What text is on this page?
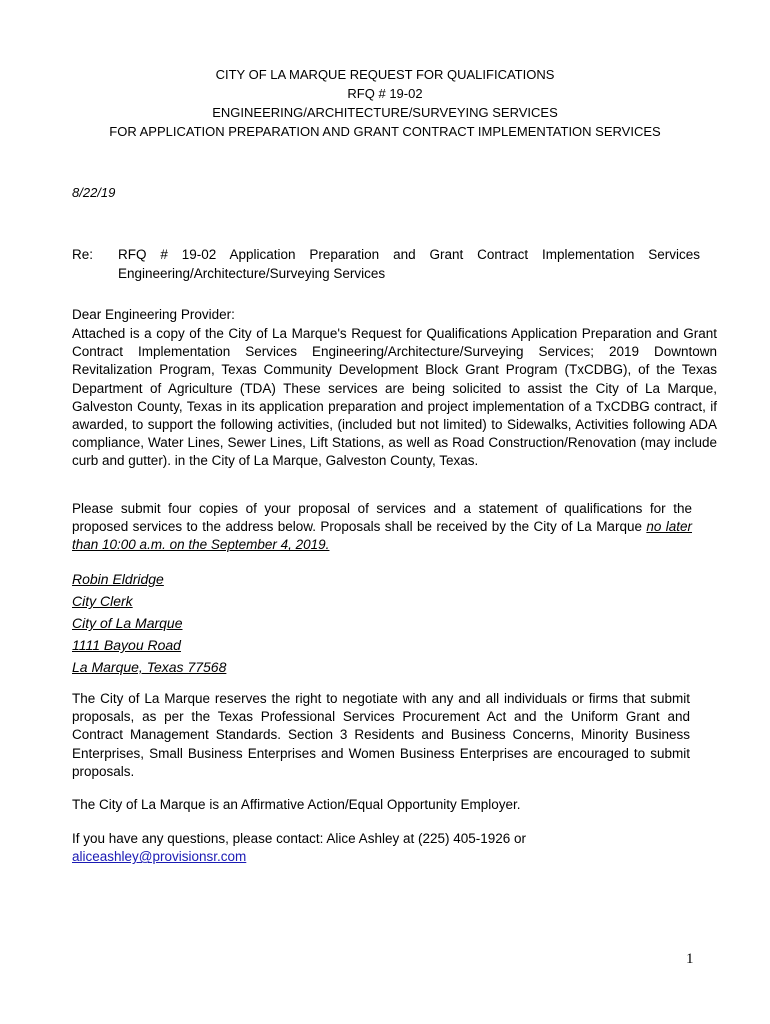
CITY OF LA MARQUE REQUEST FOR QUALIFICATIONS
RFQ # 19-02
ENGINEERING/ARCHITECTURE/SURVEYING SERVICES
FOR APPLICATION PREPARATION AND GRANT CONTRACT IMPLEMENTATION SERVICES
8/22/19
Re: RFQ # 19-02 Application Preparation and Grant Contract Implementation Services Engineering/Architecture/Surveying Services
Dear Engineering Provider:
Attached is a copy of the City of La Marque's Request for Qualifications Application Preparation and Grant Contract Implementation Services Engineering/Architecture/Surveying Services; 2019 Downtown Revitalization Program, Texas Community Development Block Grant Program (TxCDBG), of the Texas Department of Agriculture (TDA) These services are being solicited to assist the City of La Marque, Galveston County, Texas in its application preparation and project implementation of a TxCDBG contract, if awarded, to support the following activities, (included but not limited) to Sidewalks, Activities following ADA compliance, Water Lines, Sewer Lines, Lift Stations, as well as Road Construction/Renovation (may include curb and gutter). in the City of La Marque, Galveston County, Texas.
Please submit four copies of your proposal of services and a statement of qualifications for the proposed services to the address below. Proposals shall be received by the City of La Marque no later than 10:00 a.m. on the September 4, 2019.
Robin Eldridge
City Clerk
City of La Marque
1111 Bayou Road
La Marque, Texas 77568
The City of La Marque reserves the right to negotiate with any and all individuals or firms that submit proposals, as per the Texas Professional Services Procurement Act and the Uniform Grant and Contract Management Standards. Section 3 Residents and Business Concerns, Minority Business Enterprises, Small Business Enterprises and Women Business Enterprises are encouraged to submit proposals.
The City of La Marque is an Affirmative Action/Equal Opportunity Employer.
If you have any questions, please contact: Alice Ashley at (225) 405-1926 or
aliceashley@provisionsr.com
1
